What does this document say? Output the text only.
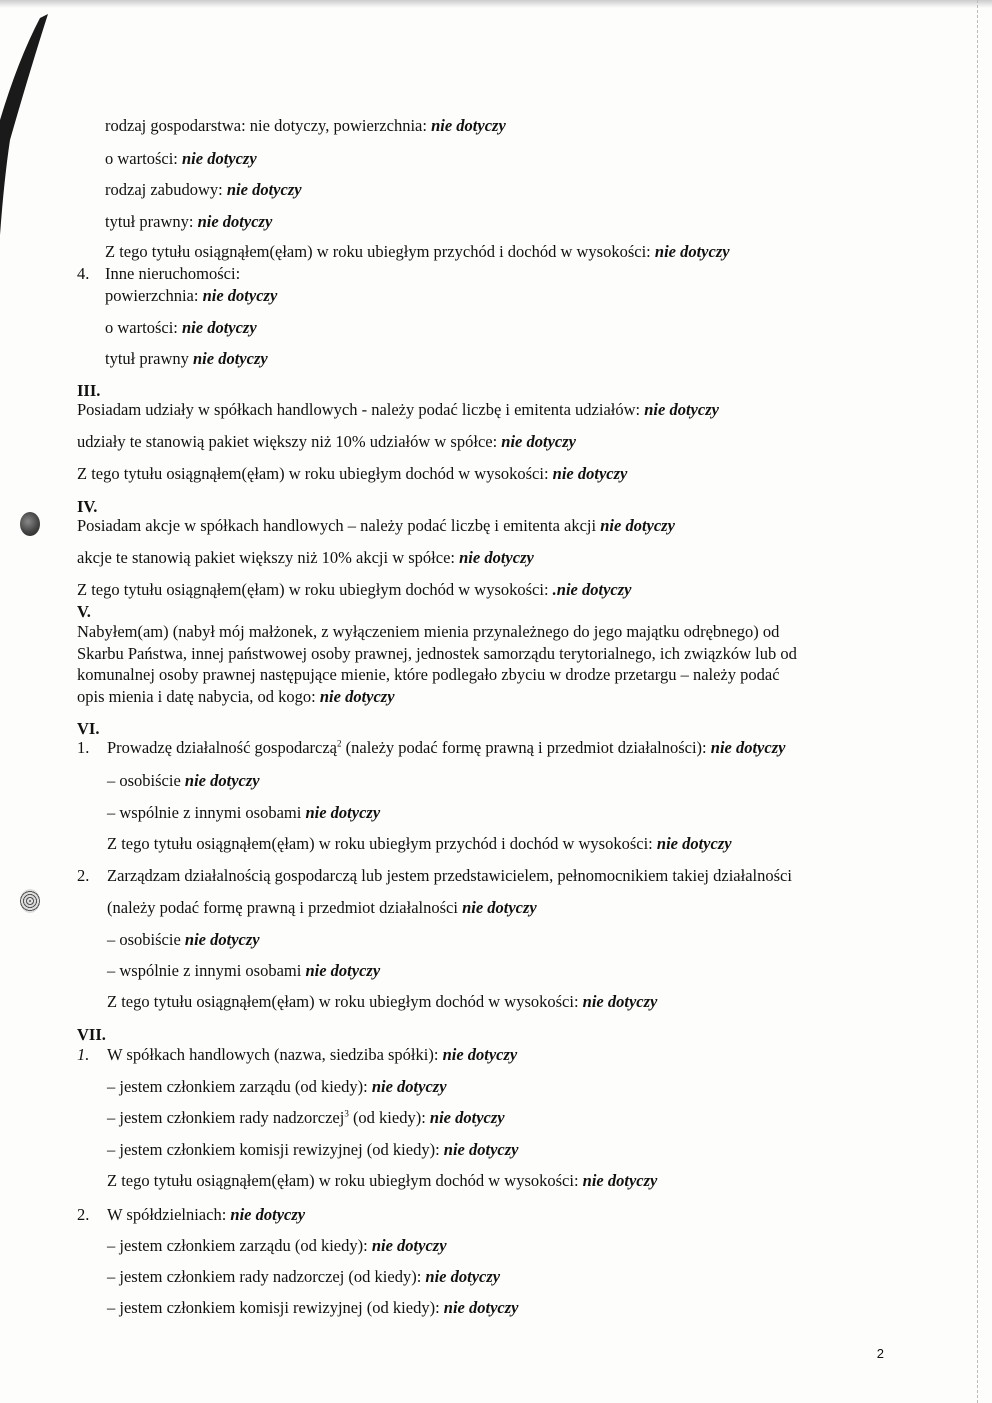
rodzaj gospodarstwa: nie dotyczy, powierzchnia: nie dotyczy
o wartości: nie dotyczy
rodzaj zabudowy: nie dotyczy
tytuł prawny: nie dotyczy
Z tego tytułu osiągnąłem(ęłam) w roku ubiegłym przychód i dochód w wysokości: nie dotyczy
4. Inne nieruchomości:
powierzchnia: nie dotyczy
o wartości: nie dotyczy
tytuł prawny nie dotyczy
III.
Posiadam udziały w spółkach handlowych - należy podać liczbę i emitenta udziałów: nie dotyczy
udziały te stanowią pakiet większy niż 10% udziałów w spółce: nie dotyczy
Z tego tytułu osiągnąłem(ęłam) w roku ubiegłym dochód w wysokości: nie dotyczy
IV.
Posiadam akcje w spółkach handlowych – należy podać liczbę i emitenta akcji nie dotyczy
akcje te stanowią pakiet większy niż 10% akcji w spółce: nie dotyczy
Z tego tytułu osiągnąłem(ęłam) w roku ubiegłym dochód w wysokości: .nie dotyczy
V.
Nabyłem(am) (nabył mój małżonek, z wyłączeniem mienia przynależnego do jego majątku odrębnego) od
Skarbu Państwa, innej państwowej osoby prawnej, jednostek samorządu terytorialnego, ich związków lub od
komunalnej osoby prawnej następujące mienie, które podlegało zbyciu w drodze przetargu – należy podać
opis mienia i datę nabycia, od kogo: nie dotyczy
VI.
1. Prowadzę działalność gospodarczą$^2$ (należy podać formę prawną i przedmiot działalności): nie dotyczy
– osobiście nie dotyczy
– wspólnie z innymi osobami nie dotyczy
Z tego tytułu osiągnąłem(ęłam) w roku ubiegłym przychód i dochód w wysokości: nie dotyczy
2. Zarządzam działalnością gospodarczą lub jestem przedstawicielem, pełnomocnikiem takiej działalności
(należy podać formę prawną i przedmiot działalności nie dotyczy
– osobiście nie dotyczy
– wspólnie z innymi osobami nie dotyczy
Z tego tytułu osiągnąłem(ęłam) w roku ubiegłym dochód w wysokości: nie dotyczy
VII.
1. W spółkach handlowych (nazwa, siedziba spółki): nie dotyczy
– jestem członkiem zarządu (od kiedy): nie dotyczy
– jestem członkiem rady nadzorczej$^3$ (od kiedy): nie dotyczy
– jestem członkiem komisji rewizyjnej (od kiedy): nie dotyczy
Z tego tytułu osiągnąłem(ęłam) w roku ubiegłym dochód w wysokości: nie dotyczy
2. W spółdzielniach: nie dotyczy
– jestem członkiem zarządu (od kiedy): nie dotyczy
– jestem członkiem rady nadzorczej (od kiedy): nie dotyczy
– jestem członkiem komisji rewizyjnej (od kiedy): nie dotyczy
2
